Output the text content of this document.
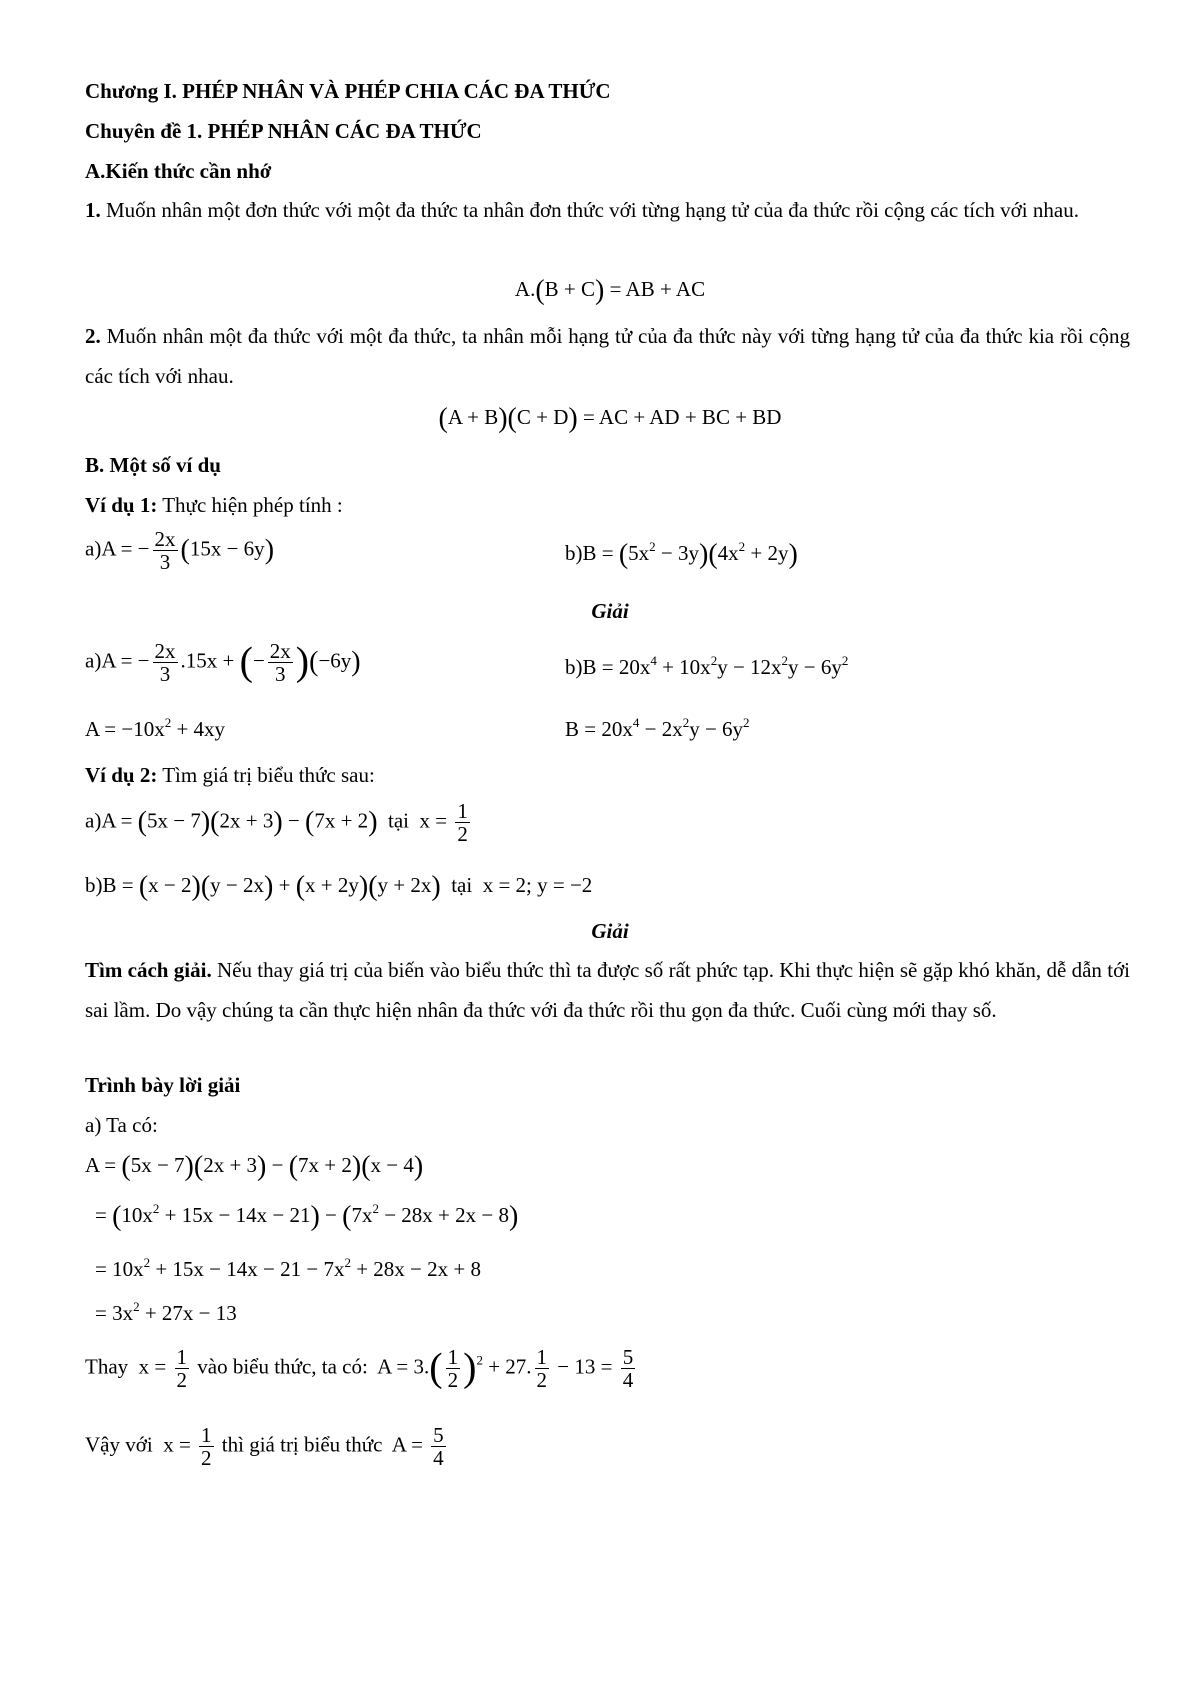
Chương I. PHÉP NHÂN VÀ PHÉP CHIA CÁC ĐA THỨC
Chuyên đề 1. PHÉP NHÂN CÁC ĐA THỨC
A.Kiến thức cần nhớ
1. Muốn nhân một đơn thức với một đa thức ta nhân đơn thức với từng hạng tử của đa thức rồi cộng các tích với nhau.
A.(B + C) = AB + AC
2. Muốn nhân một đa thức với một đa thức, ta nhân mỗi hạng tử của đa thức này với từng hạng tử của đa thức kia rồi cộng các tích với nhau.
(A + B)(C + D) = AC + AD + BC + BD
B. Một số ví dụ
Ví dụ 1: Thực hiện phép tính :
a)A = − $\frac{2x}{3} (15x - 6y)$	$b)B = (5x^2 - 3y)(4x^2 + 2y)$
Giải
a)A = − $\frac{2x}{3} .15x$ + (− $\frac{2x}{3} )(-6y)$	$b)B = 20x^4 + 10x^2y - 12x^2y - 6y^2$
$A = -10x^2 + 4xy$	$B = 20x^4 - 2x^2y - 6y^2$
Ví dụ 2: Tìm giá trị biểu thức sau:
a)A = (5x − 7)(2x + 3) − (7x + 2) tại  $x = \frac{1}{2}$
b)B = (x − 2)(y − 2x) + (x + 2y)(y + 2x) tại  x = 2; y = −2
Giải
Tìm cách giải. Nếu thay giá trị của biến vào biểu thức thì ta được số rất phức tạp. Khi thực hiện sẽ gặp khó khăn, dễ dẫn tới sai lầm. Do vậy chúng ta cần thực hiện nhân đa thức với đa thức rồi thu gọn đa thức. Cuối cùng mới thay số.
Trình bày lời giải
a) Ta có:
A = (5x − 7)(2x + 3) − (7x + 2)(x − 4)
= $(10x^2 + 15x - 14x - 21) - (7x^2 - 28x + 2x - 8)$
= $10x^2 + 15x - 14x - 21 - 7x^2 + 28x - 2x + 8$
= $3x^2 + 27x - 13$
Thay  $x = \frac{1}{2}$ vào biểu thức, ta có:  $A = 3.( \frac{1}{2} )^2 + 27$. $\frac{1}{2} - 13 = \frac{5}{4}$
Vậy với  $x = \frac{1}{2}$ thì giá trị biểu thức  $A = \frac{5}{4}$
